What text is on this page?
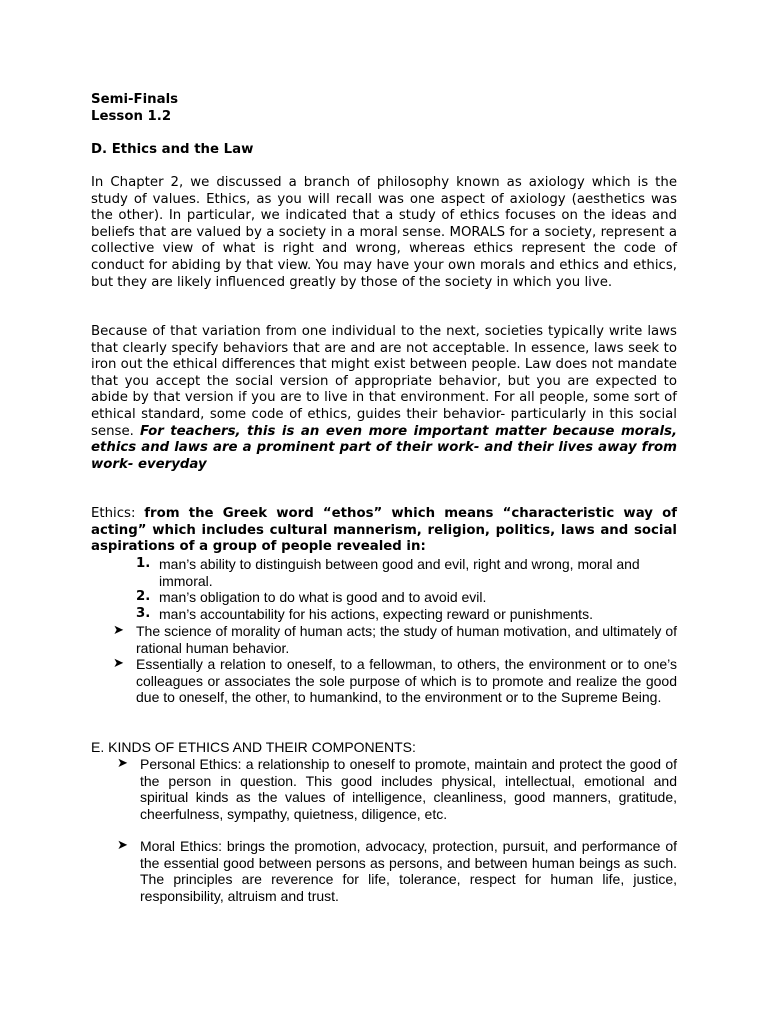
Semi-Finals
Lesson 1.2
D. Ethics and the Law
In Chapter 2, we discussed a branch of philosophy known as axiology which is the study of values. Ethics, as you will recall was one aspect of axiology (aesthetics was the other). In particular, we indicated that a study of ethics focuses on the ideas and beliefs that are valued by a society in a moral sense. MORALS for a society, represent a collective view of what is right and wrong, whereas ethics represent the code of conduct for abiding by that view. You may have your own morals and ethics and ethics, but they are likely influenced greatly by those of the society in which you live.
Because of that variation from one individual to the next, societies typically write laws that clearly specify behaviors that are and are not acceptable. In essence, laws seek to iron out the ethical differences that might exist between people. Law does not mandate that you accept the social version of appropriate behavior, but you are expected to abide by that version if you are to live in that environment. For all people, some sort of ethical standard, some code of ethics, guides their behavior- particularly in this social sense. For teachers, this is an even more important matter because morals, ethics and laws are a prominent part of their work- and their lives away from work- everyday
Ethics: from the Greek word “ethos” which means “characteristic way of acting” which includes cultural mannerism, religion, politics, laws and social aspirations of a group of people revealed in:
1. man’s ability to distinguish between good and evil, right and wrong, moral and immoral.
2. man’s obligation to do what is good and to avoid evil.
3. man’s accountability for his actions, expecting reward or punishments.
➤ The science of morality of human acts; the study of human motivation, and ultimately of rational human behavior.
➤ Essentially a relation to oneself, to a fellowman, to others, the environment or to one’s colleagues or associates the sole purpose of which is to promote and realize the good due to oneself, the other, to humankind, to the environment or to the Supreme Being.
E. KINDS OF ETHICS AND THEIR COMPONENTS:
➤ Personal Ethics: a relationship to oneself to promote, maintain and protect the good of the person in question. This good includes physical, intellectual, emotional and spiritual kinds as the values of intelligence, cleanliness, good manners, gratitude, cheerfulness, sympathy, quietness, diligence, etc.
➤ Moral Ethics: brings the promotion, advocacy, protection, pursuit, and performance of the essential good between persons as persons, and between human beings as such. The principles are reverence for life, tolerance, respect for human life, justice, responsibility, altruism and trust.
